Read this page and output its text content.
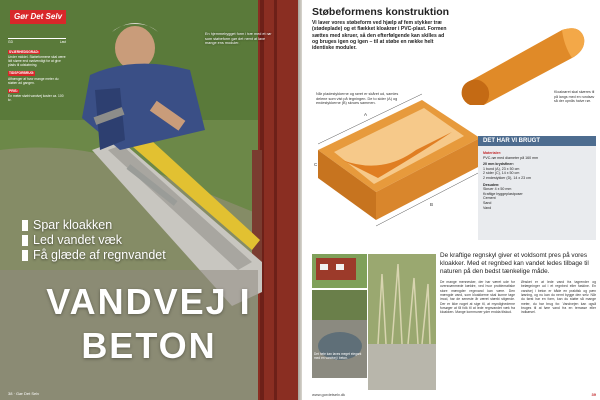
Gør Det Selv
GD	Lavt
SVÆRHEDSGRAD:
Under middel. Støbeformene skal være lidt større end nødvendigt for at give plads til udstøbning.
TIDSFORBRUG:
Afhænger af hvor mange meter du støber ad gangen.
PRIS:
En meter støbt vandvej koster ca. 100 kr.
En hjemmebygget form i træ med et rør som støbeform gør det nemt at lave mange ens moduler.
Spar kloakken
Led vandet væk
Få glæde af regnvandet
VANDVEJ I
BETON
38 · Gør Det Selv
Støbeformens konstruktion
Vi laver vores støbeform ved hjælp af fem stykker træ (stødeplade) og et flækket kloakrør i PVC-plast. Formen sættes med skruer, så den efterfølgende kan skilles ad og bruges igen og igen – til at støbe en række helt identiske moduler.
Kloakrøret skal skæres til på langs med en rundsav så der opnås halve rør.
A
B
C
Når pladestykkerne og røret er skåret ud, samles delene som vist på tegningen. De to sider (A) og endestykkerne (B) skrues sammen.
DET HAR VI BRUGT
Materialer:
PVC-rør med diameter på 160 mm
20 mm krydsfiner:
1 bund (A), 23 x 50 cm
2 sider (C), 14 x 50 cm
2 endestykker (D), 14 x 23 cm
Desuden:
Skruer 4 x 50 mm
Kraftige byggeplastposer
Cement
Sand
Vand
Det hele kan laves meget elegant med en vandvej i beton.
De kraftige regnskyl giver et voldsomt pres på vores kloakker. Med et regnbed kan vandet ledes tilbage til naturen på den bedst tænkelige måde.
De mange mennesker, der har været ude for oversvømmede kældre, ved hvor problematiske store mængder regnvand kan være. Den mængde vand, som kloakkerne skal kunne tage imod, har de seneste år været stærkt stigende. Der er ikke noget at sige til, at myndighederne forsøger at få folk til at lede regnvandet væk fra kloakken. Mange kommuner yder endda tilskud.
Ønsket er at lede vand fra tagrender og belægninger ud i et regnbed eller faskine. En vandvej i beton er både en praktisk og pæn løsning, og nu kan du nemt bygge den selv. Når du først har en form, kan du støbe så mange meter, du har brug for. Vandvejen kan også bruges til at føre vand fra en terrasse eller indkørsel.
www.gordetselv.dk	39
